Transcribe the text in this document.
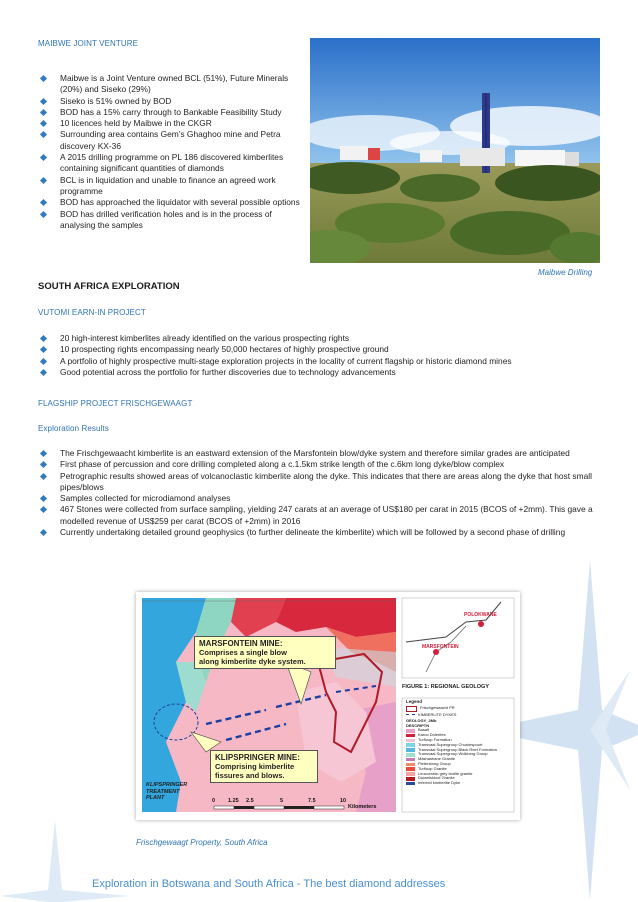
MAIBWE JOINT VENTURE
Maibwe is a Joint Venture owned BCL (51%), Future Minerals (20%) and Siseko (29%)
Siseko is 51% owned by BOD
BOD has a 15% carry through to Bankable Feasibility Study
10 licences held by Maibwe in the CKGR
Surrounding area contains Gem’s Ghaghoo mine and Petra discovery KX-36
A 2015 drilling programme on PL 186 discovered kimberlites containing significant quantities of diamonds
BCL is in liquidation and unable to finance an agreed work programme
BOD has approached the liquidator with several possible options
BOD has drilled verification holes and is in the process of analysing the samples
Maibwe Drilling
SOUTH AFRICA EXPLORATION
VUTOMI EARN-IN PROJECT
20 high-interest kimberlites already identified on the various prospecting rights
10 prospecting rights encompassing nearly 50,000 hectares of highly prospective ground
A portfolio of highly prospective multi-stage exploration projects in the locality of current flagship or historic diamond mines
Good potential across the portfolio for further discoveries due to technology advancements
FLAGSHIP PROJECT FRISCHGEWAAGT
Exploration Results
The Frischgewaacht kimberlite is an eastward extension of the Marsfontein blow/dyke system and therefore similar grades are anticipated
First phase of percussion and core drilling completed along a c.1.5km strike length of the c.6km long dyke/blow complex
Petrographic results showed areas of volcanoclastic kimberlite along the dyke. This indicates that there are areas along the dyke that host small pipes/blows
Samples collected for microdiamond analyses
467 Stones were collected from surface sampling, yielding 247 carats at an average of US$180 per carat in 2015 (BCOS of +2mm). This gave a modelled revenue of US$259 per carat (BCOS of +2mm) in 2016
Currently undertaking detailed ground geophysics (to further delineate the kimberlite) which will be followed by a second phase of drilling
MARSFONTEIN MINE:
Comprises a single blow
along kimberlite dyke system.
KLIPSPRINGER MINE:
Comprising kimberlite
fissures and blows.
KLIPSPRINGER
TREATMENT
PLANT	0 1.25 2.5	5	7.5	10
Kilometers
POLOKWANE
MARSFONTEIN
FIGURE 1: REGIONAL GEOLOGY
Legend
Frischgewaacht PR
KIMBERLITE DYKES
GEOLOGY_2Mb
DESCRIPTN
Basalt
Karoo Dolerites
Turfloop Formation
Transvaal Supergroup Chuniespoort
Transvaal Supergroup Black Reef Formation
Transvaal Supergroup Wolkberg Group
Mashashane Granite
Pietersburg Group
Turfloop Granite
Leucocratic grey biotite granite
Duiwelskloof Granite
Inferred kimberlite Dyke
Frischgewaagt Property, South Africa
Exploration in Botswana and South Africa - The best diamond addresses
